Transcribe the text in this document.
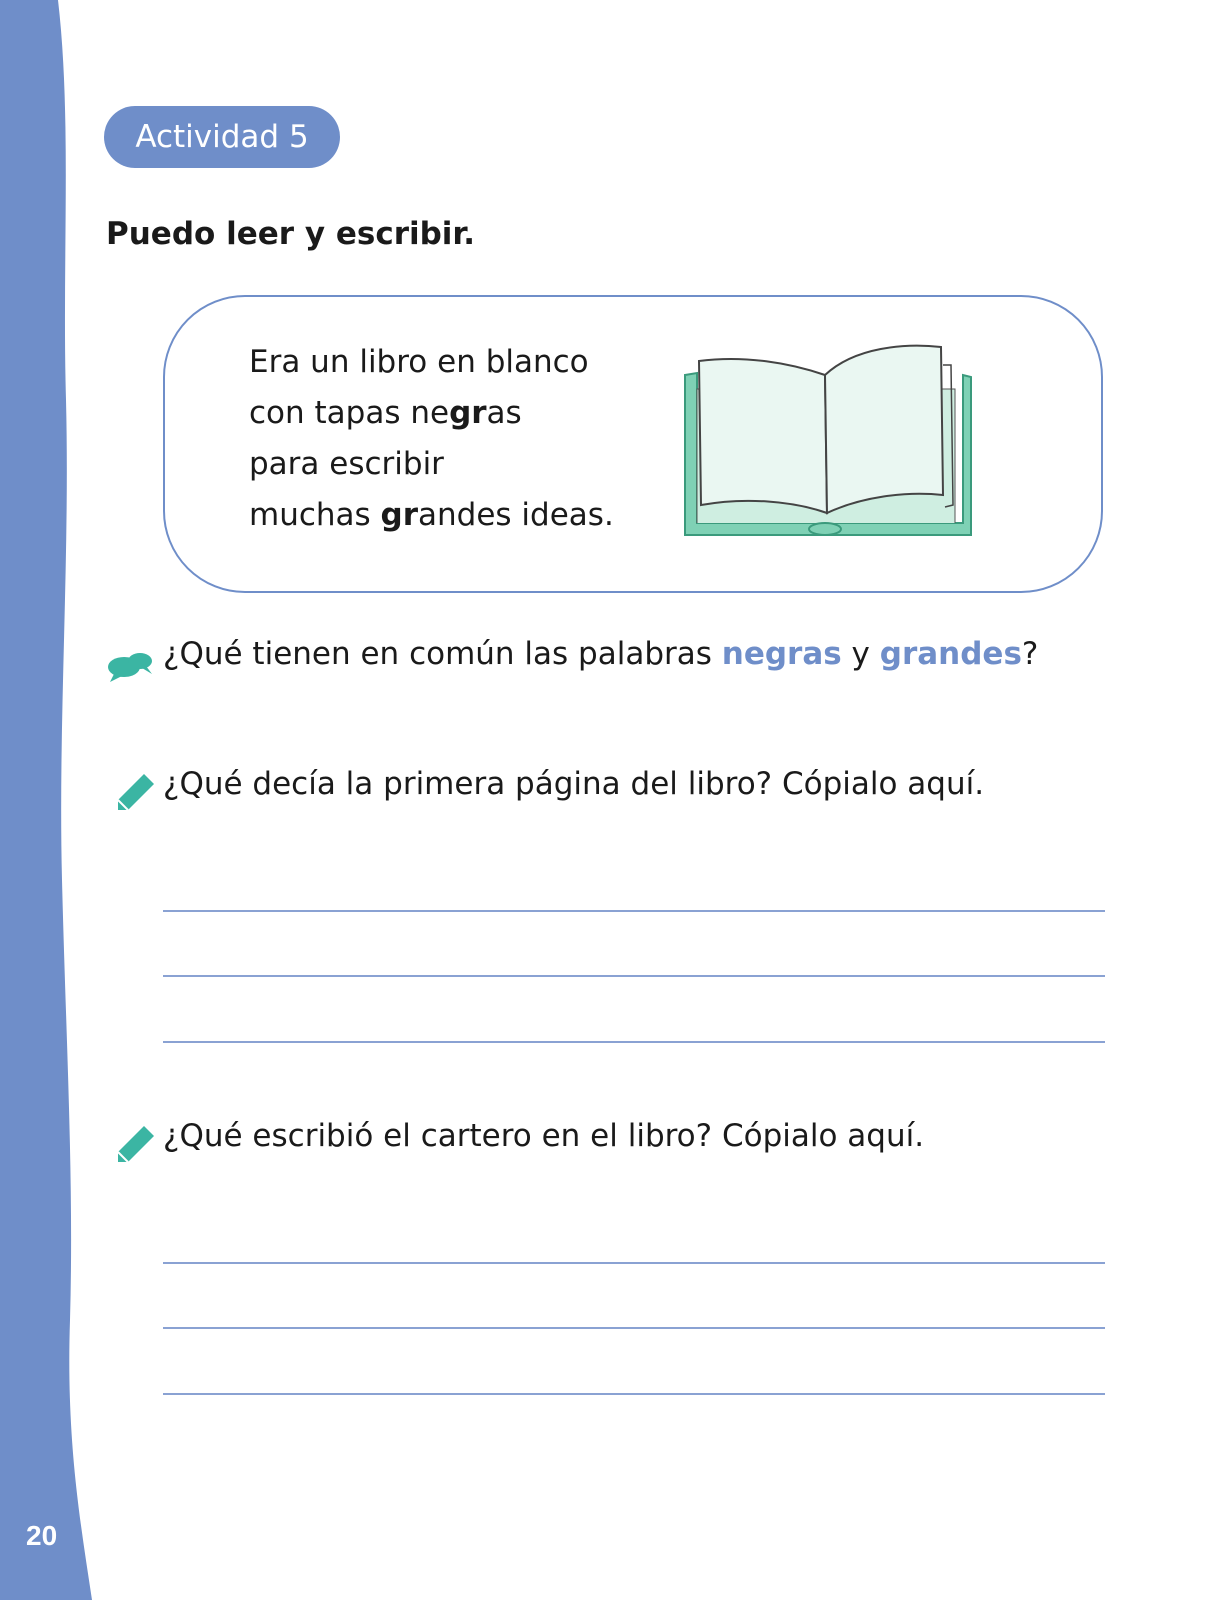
20
Actividad 5
Puedo leer y escribir.
Era un libro en blanco
con tapas negras
para escribir
muchas grandes ideas.
¿Qué tienen en común las palabras negras y grandes?
¿Qué decía la primera página del libro? Cópialo aquí.
¿Qué escribió el cartero en el libro? Cópialo aquí.
